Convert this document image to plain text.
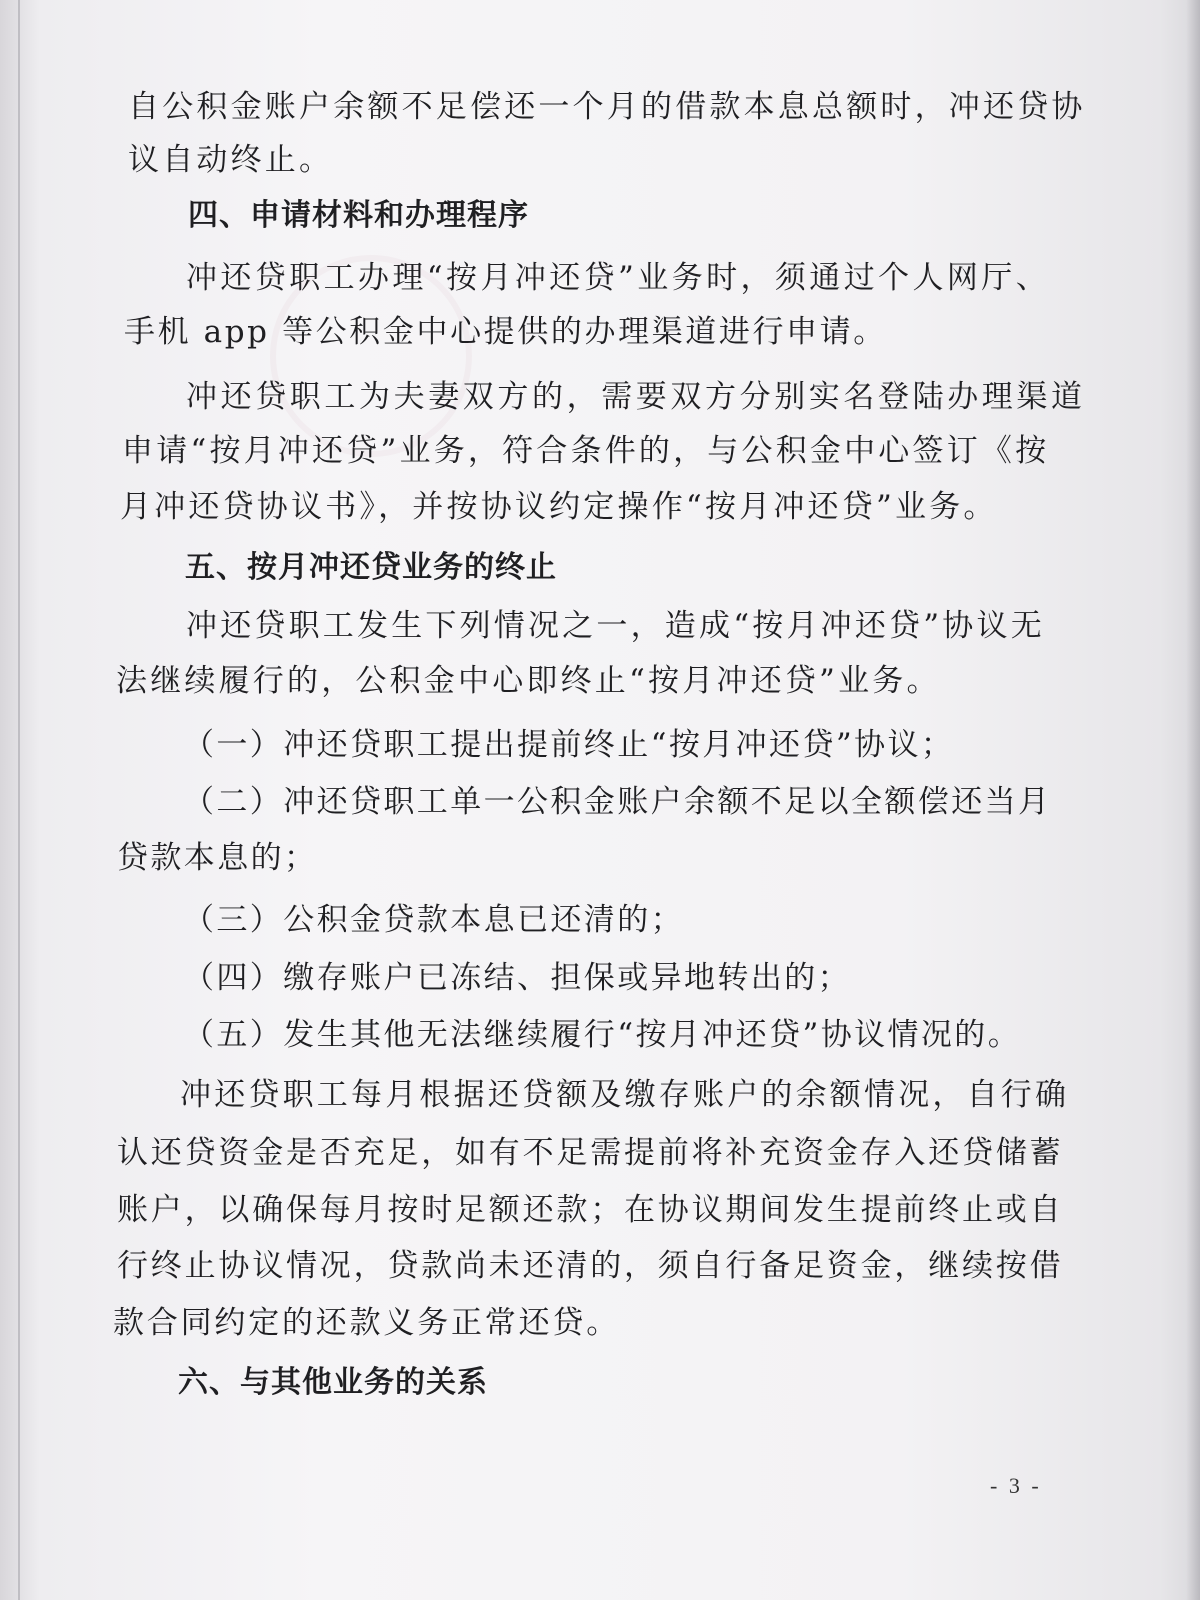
自公积金账户余额不足偿还一个月的借款本息总额时，冲还贷协
议自动终止。
四、申请材料和办理程序
冲还贷职工办理“按月冲还贷”业务时，须通过个人网厅、
手机 app 等公积金中心提供的办理渠道进行申请。
冲还贷职工为夫妻双方的，需要双方分别实名登陆办理渠道
申请“按月冲还贷”业务，符合条件的，与公积金中心签订《按
月冲还贷协议书》，并按协议约定操作“按月冲还贷”业务。
五、按月冲还贷业务的终止
冲还贷职工发生下列情况之一，造成“按月冲还贷”协议无
法继续履行的，公积金中心即终止“按月冲还贷”业务。
（一）冲还贷职工提出提前终止“按月冲还贷”协议；
（二）冲还贷职工单一公积金账户余额不足以全额偿还当月
贷款本息的；
（三）公积金贷款本息已还清的；
（四）缴存账户已冻结、担保或异地转出的；
（五）发生其他无法继续履行“按月冲还贷”协议情况的。
冲还贷职工每月根据还贷额及缴存账户的余额情况，自行确
认还贷资金是否充足，如有不足需提前将补充资金存入还贷储蓄
账户，以确保每月按时足额还款；在协议期间发生提前终止或自
行终止协议情况，贷款尚未还清的，须自行备足资金，继续按借
款合同约定的还款义务正常还贷。
六、与其他业务的关系
- 3 -
